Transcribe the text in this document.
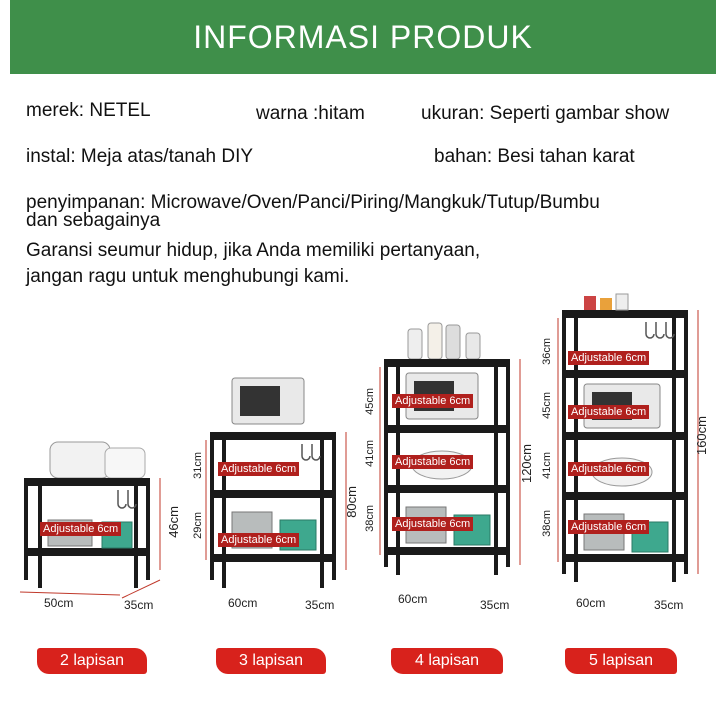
INFORMASI PRODUK
merek: NETEL	warna :hitam	ukuran: Seperti gambar show
instal: Meja atas/tanah DIY	bahan: Besi tahan karat
penyimpanan: Microwave/Oven/Panci/Piring/Mangkuk/Tutup/Bumbu
dan sebagainya
Garansi seumur hidup, jika Anda memiliki pertanyaan,
jangan ragu untuk menghubungi kami.
Adjustable 6cm
50cm	35cm
46cm
Adjustable 6cm
Adjustable 6cm
31cm
29cm
80cm
60cm	35cm
Adjustable 6cm
Adjustable 6cm
Adjustable 6cm
45cm
41cm
38cm
120cm
60cm	35cm
Adjustable 6cm
Adjustable 6cm
Adjustable 6cm
Adjustable 6cm
36cm
45cm
41cm
38cm
160cm
60cm	35cm
2 lapisan	3 lapisan	4 lapisan	5 lapisan
